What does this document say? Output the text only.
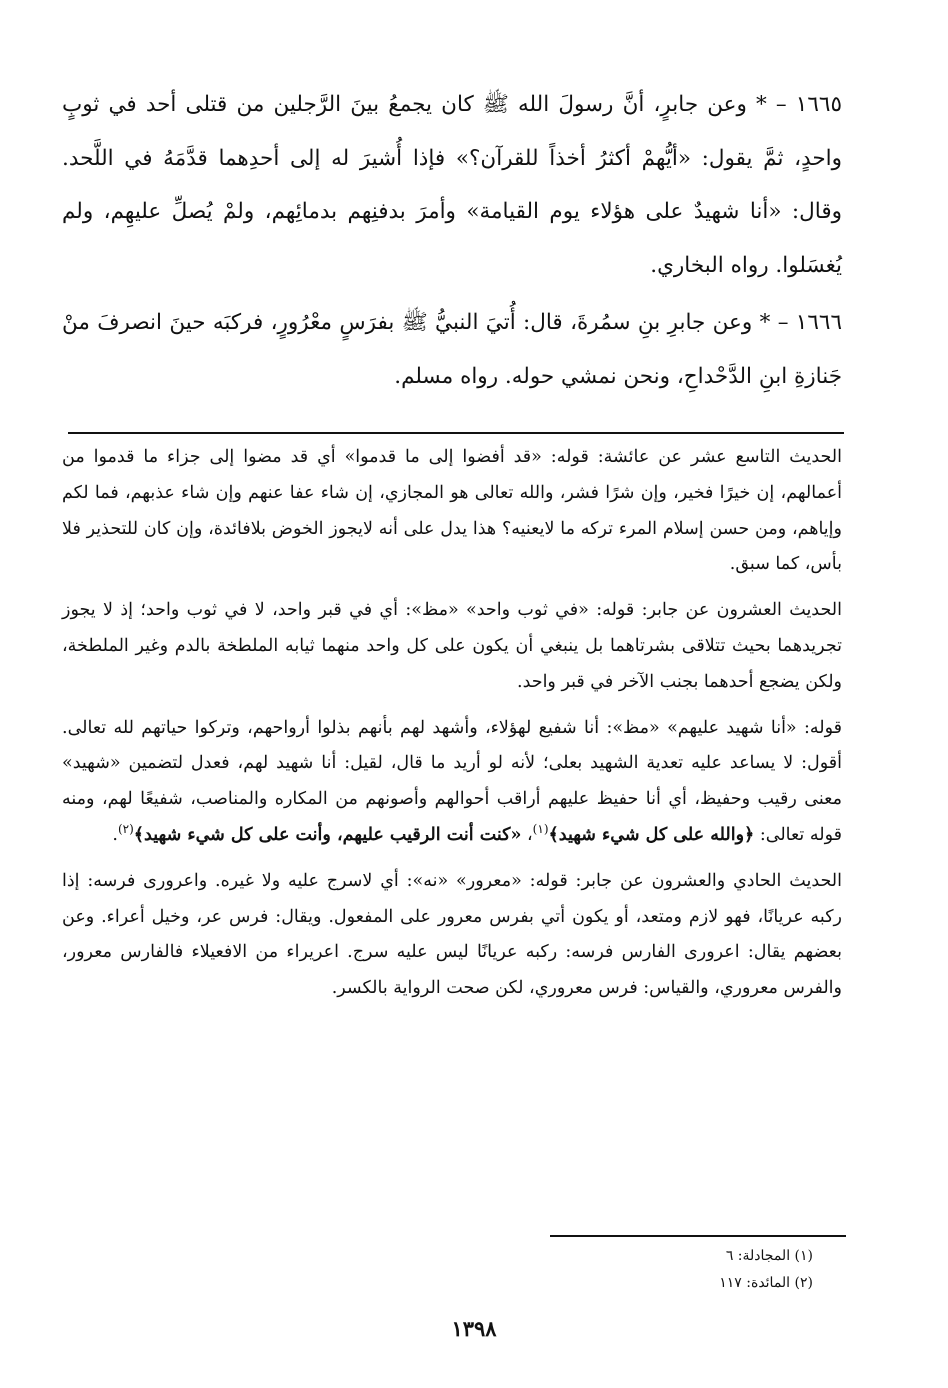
١٦٦٥ – * وعن جابرٍ، أنَّ رسولَ الله ﷺ كان يجمعُ بينَ الرَّجلين من قتلى أحد في ثوبٍ واحدٍ، ثمَّ يقول: «أيُّهمْ أكثرُ أخذاً للقرآن؟» فإذا أُشيرَ له إلى أحدِهما قدَّمَهُ في اللَّحد. وقال: «أنا شهيدٌ على هؤلاء يوم القيامة» وأمرَ بدفنِهم بدمائِهم، ولمْ يُصلِّ عليهِم، ولم يُغسَلوا. رواه البخاري.

١٦٦٦ – * وعن جابرِ بنِ سمُرةَ، قال: أُتيَ النبيُّ ﷺ بفرَسٍ معْرُورٍ، فركبَه حينَ انصرفَ منْ جَنازةِ ابنِ الدَّحْداحِ، ونحن نمشي حوله. رواه مسلم.

الحديث التاسع عشر عن عائشة: قوله: «قد أفضوا إلى ما قدموا» أي قد مضوا إلى جزاء ما قدموا من أعمالهم، إن خيرًا فخير، وإن شرًا فشر، والله تعالى هو المجازي، إن شاء عفا عنهم وإن شاء عذبهم، فما لكم وإياهم، ومن حسن إسلام المرء تركه ما لايعنيه؟ هذا يدل على أنه لايجوز الخوض بلافائدة، وإن كان للتحذير فلا بأس، كما سبق.

الحديث العشرون عن جابر: قوله: «في ثوب واحد» «مظ»: أي في قبر واحد، لا في ثوب واحد؛ إذ لا يجوز تجريدهما بحيث تتلاقى بشرتاهما بل ينبغي أن يكون على كل واحد منهما ثيابه الملطخة بالدم وغير الملطخة، ولكن يضجع أحدهما بجنب الآخر في قبر واحد.

قوله: «أنا شهيد عليهم» «مظ»: أنا شفيع لهؤلاء، وأشهد لهم بأنهم بذلوا أرواحهم، وتركوا حياتهم لله تعالى. أقول: لا يساعد عليه تعدية الشهيد بعلى؛ لأنه لو أريد ما قال، لقيل: أنا شهيد لهم، فعدل لتضمين «شهيد» معنى رقيب وحفيظ، أي أنا حفيظ عليهم أراقب أحوالهم وأصونهم من المكاره والمناصب، شفيعًا لهم، ومنه قوله تعالى: ﴿والله على كل شيء شهيد﴾$^{(١)}$، «كنت أنت الرقيب عليهم، وأنت على كل شيء شهيد﴾$^{(٢)}$.

الحديث الحادي والعشرون عن جابر: قوله: «معرور» «نه»: أي لاسرج عليه ولا غيره. واعرورى فرسه: إذا ركبه عريانًا، فهو لازم ومتعد، أو يكون أتي بفرس معرور على المفعول. ويقال: فرس عر، وخيل أعراء. وعن بعضهم يقال: اعرورى الفارس فرسه: ركبه عريانًا ليس عليه سرج. اعريراء من الافعيلاء فالفارس معرور، والفرس معروري، والقياس: فرس معروري، لكن صحت الرواية بالكسر.

(١) المجادلة: ٦
(٢) المائدة: ١١٧
١٣٩٨
